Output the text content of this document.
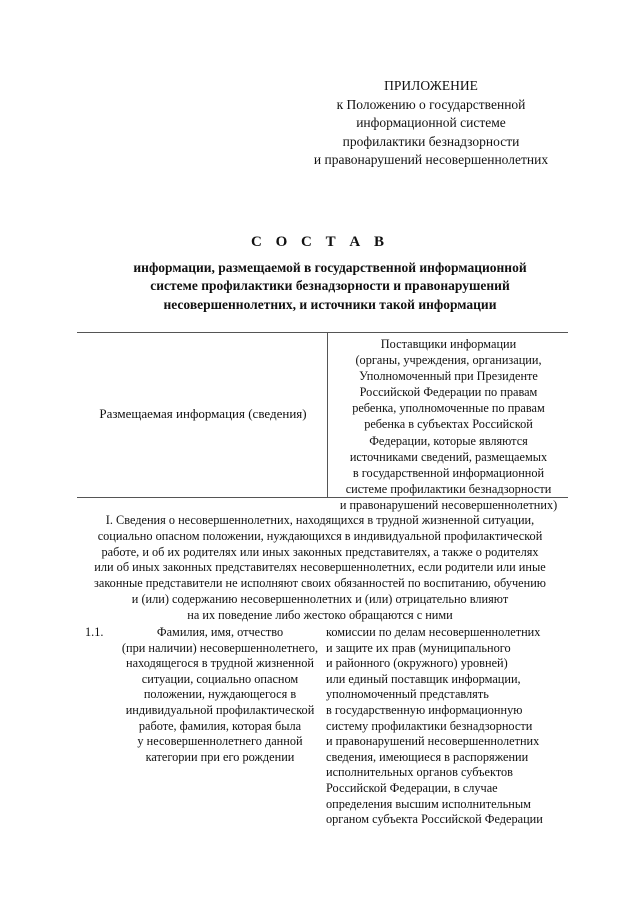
ПРИЛОЖЕНИЕ
к Положению о государственной
информационной системе
профилактики безнадзорности
и правонарушений несовершеннолетних
С О С Т А В
информации, размещаемой в государственной информационной
системе профилактики безнадзорности и правонарушений
несовершеннолетних, и источники такой информации
Размещаемая информация (сведения)
Поставщики информации
(органы, учреждения, организации,
Уполномоченный при Президенте
Российской Федерации по правам
ребенка, уполномоченные по правам
ребенка в субъектах Российской
Федерации, которые являются
источниками сведений, размещаемых
в государственной информационной
системе профилактики безнадзорности
и правонарушений несовершеннолетних)
I. Сведения о несовершеннолетних, находящихся в трудной жизненной ситуации,
социально опасном положении, нуждающихся в индивидуальной профилактической
работе, и об их родителях или иных законных представителях, а также о родителях
или об иных законных представителях несовершеннолетних, если родители или иные
законные представители не исполняют своих обязанностей по воспитанию, обучению
и (или) содержанию несовершеннолетних и (или) отрицательно влияют
на их поведение либо жестоко обращаются с ними
1.1.	Фамилия, имя, отчество
(при наличии) несовершеннолетнего,
находящегося в трудной жизненной
ситуации, социально опасном
положении, нуждающегося в
индивидуальной профилактической
работе, фамилия, которая была
у несовершеннолетнего данной
категории при его рождении
комиссии по делам несовершеннолетних
и защите их прав (муниципального
и районного (окружного) уровней)
или единый поставщик информации,
уполномоченный представлять
в государственную информационную
систему профилактики безнадзорности
и правонарушений несовершеннолетних
сведения, имеющиеся в распоряжении
исполнительных органов субъектов
Российской Федерации, в случае
определения высшим исполнительным
органом субъекта Российской Федерации
